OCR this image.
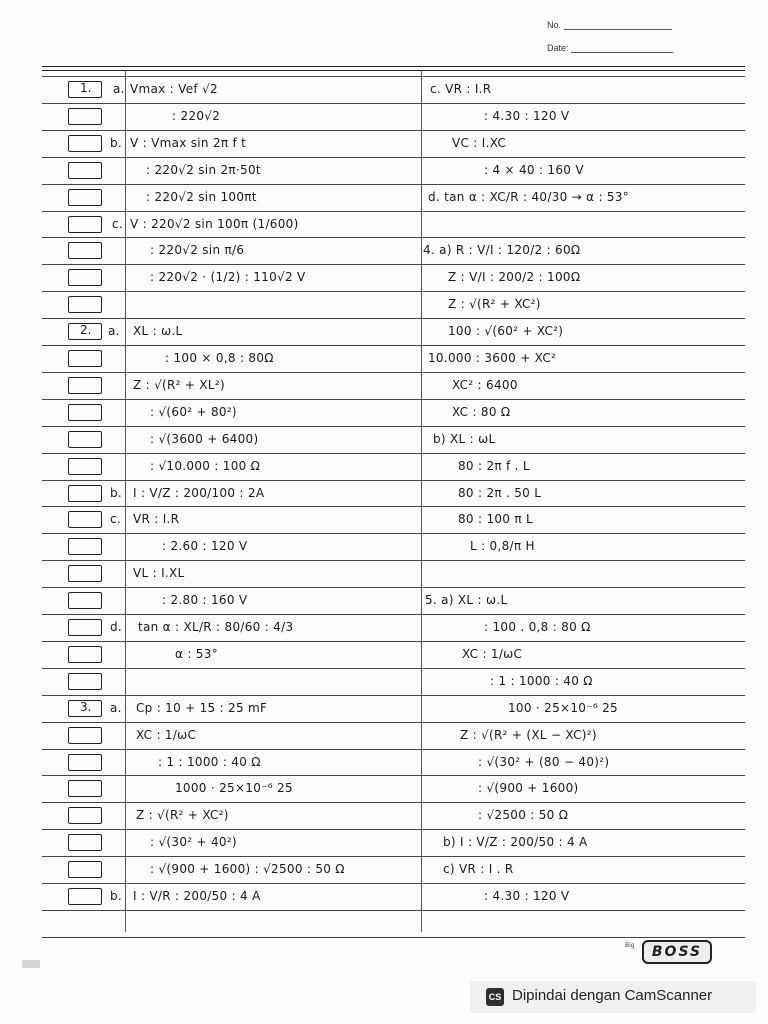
No.
Date:
1.
2.
3.
a. Vmax : Vef √2
: 220√2
b. V : Vmax sin 2π f t
: 220√2 sin 2π·50t
: 220√2 sin 100πt
c. V : 220√2 sin 100π (1/600)
: 220√2 sin π/6
: 220√2 · (1/2) : 110√2 V
a. XL : ω.L
: 100 × 0,8 : 80Ω
Z : √(R² + XL²)
: √(60² + 80²)
: √(3600 + 6400)
: √10.000 : 100 Ω
b. I : V/Z : 200/100 : 2A
c. VR : I.R
: 2.60 : 120 V
VL : I.XL
: 2.80 : 160 V
d. tan α : XL/R : 80/60 : 4/3
α : 53°
a. Cp : 10 + 15 : 25 mF
XC : 1/ωC
: 1 : 1000 : 40 Ω
1000 · 25×10⁻⁶ 25
Z : √(R² + XC²)
: √(30² + 40²)
: √(900 + 1600) : √2500 : 50 Ω
b. I : V/R : 200/50 : 4 A
c. VR : I.R
: 4.30 : 120 V
VC : I.XC
: 4 × 40 : 160 V
d. tan α : XC/R : 40/30 → α : 53°
4. a) R : V/I : 120/2 : 60Ω
Z : V/I : 200/2 : 100Ω
Z : √(R² + XC²)
100 : √(60² + XC²)
10.000 : 3600 + XC²
XC² : 6400
XC : 80 Ω
b) XL : ωL
80 : 2π f . L
80 : 2π . 50 L
80 : 100 π L
L : 0,8/π H
5. a) XL : ω.L
: 100 . 0,8 : 80 Ω
XC : 1/ωC
: 1 : 1000 : 40 Ω
100 · 25×10⁻⁶ 25
Z : √(R² + (XL − XC)²)
: √(30² + (80 − 40)²)
: √(900 + 1600)
: √2500 : 50 Ω
b) I : V/Z : 200/50 : 4 A
c) VR : I . R
: 4.30 : 120 V
Big	BOSS
CS Dipindai dengan CamScanner
